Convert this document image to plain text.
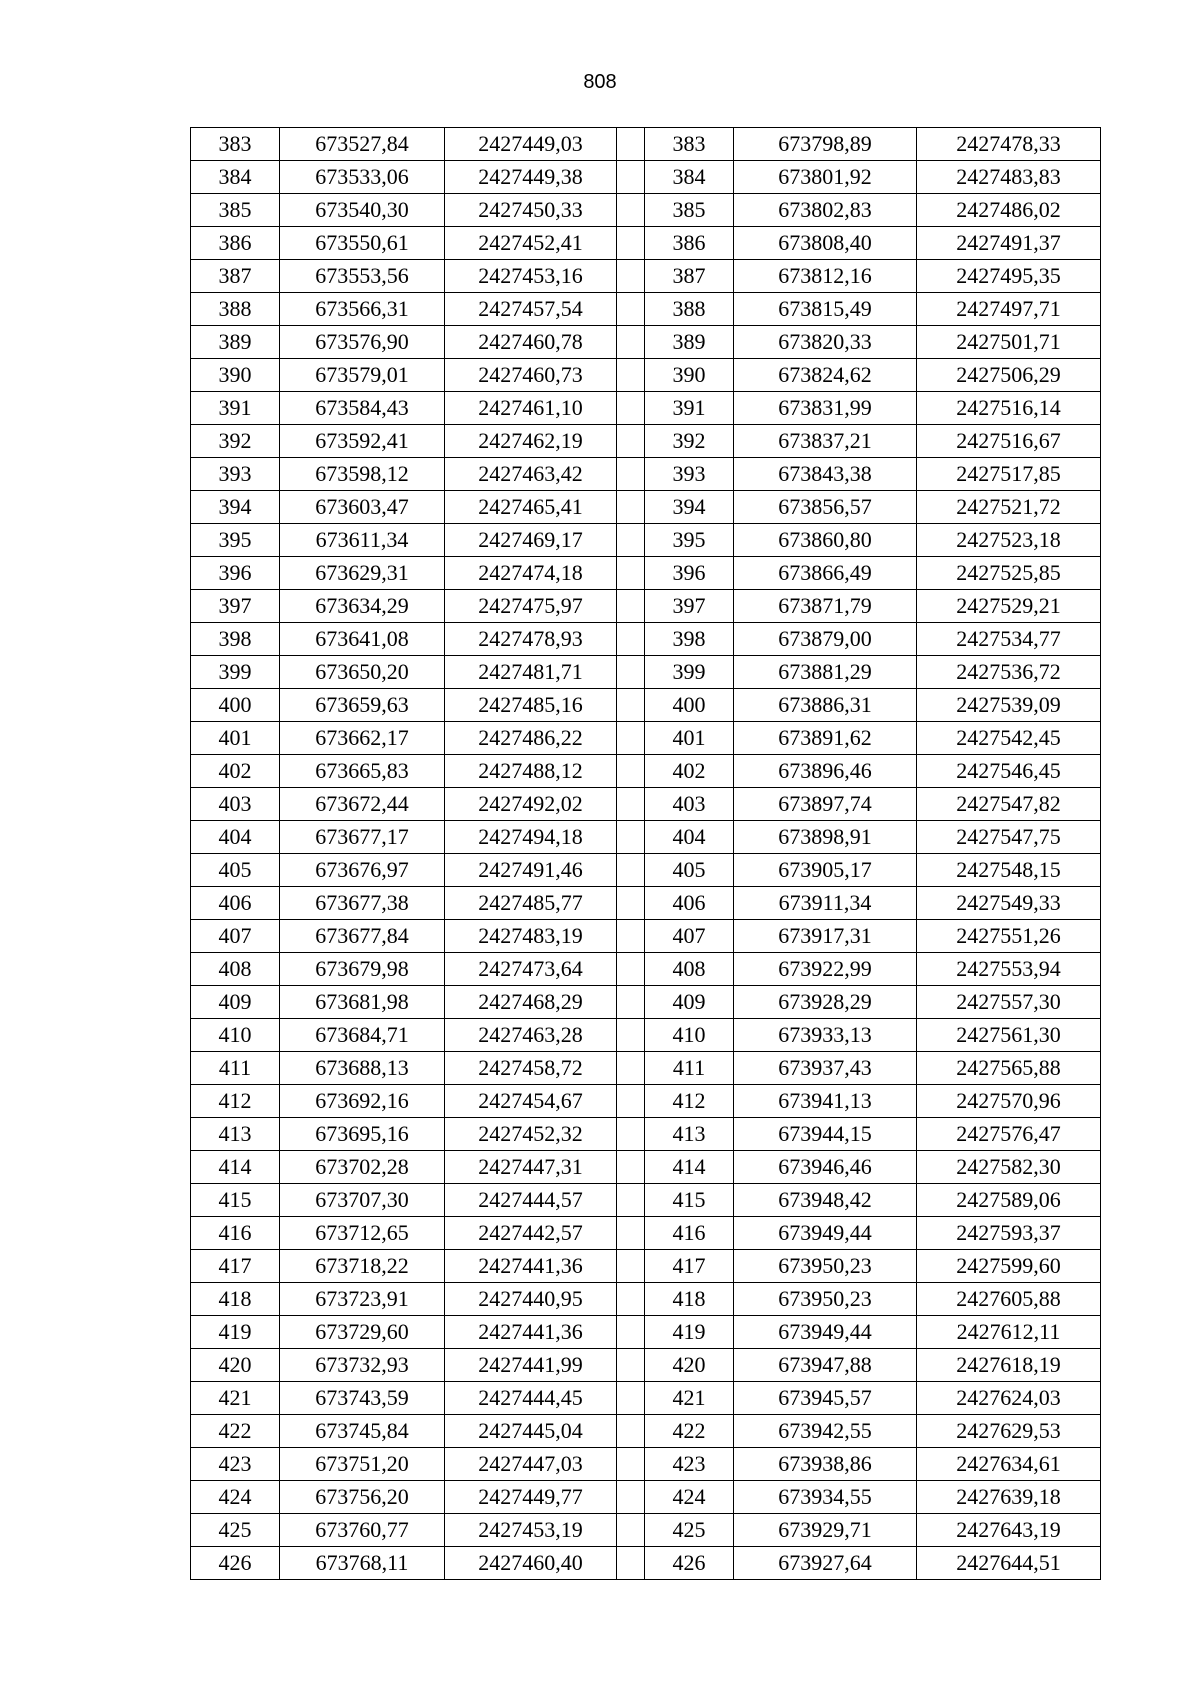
808
383	673527,84	2427449,03		383	673798,89	2427478,33
384	673533,06	2427449,38		384	673801,92	2427483,83
385	673540,30	2427450,33		385	673802,83	2427486,02
386	673550,61	2427452,41		386	673808,40	2427491,37
387	673553,56	2427453,16		387	673812,16	2427495,35
388	673566,31	2427457,54		388	673815,49	2427497,71
389	673576,90	2427460,78		389	673820,33	2427501,71
390	673579,01	2427460,73		390	673824,62	2427506,29
391	673584,43	2427461,10		391	673831,99	2427516,14
392	673592,41	2427462,19		392	673837,21	2427516,67
393	673598,12	2427463,42		393	673843,38	2427517,85
394	673603,47	2427465,41		394	673856,57	2427521,72
395	673611,34	2427469,17		395	673860,80	2427523,18
396	673629,31	2427474,18		396	673866,49	2427525,85
397	673634,29	2427475,97		397	673871,79	2427529,21
398	673641,08	2427478,93		398	673879,00	2427534,77
399	673650,20	2427481,71		399	673881,29	2427536,72
400	673659,63	2427485,16		400	673886,31	2427539,09
401	673662,17	2427486,22		401	673891,62	2427542,45
402	673665,83	2427488,12		402	673896,46	2427546,45
403	673672,44	2427492,02		403	673897,74	2427547,82
404	673677,17	2427494,18		404	673898,91	2427547,75
405	673676,97	2427491,46		405	673905,17	2427548,15
406	673677,38	2427485,77		406	673911,34	2427549,33
407	673677,84	2427483,19		407	673917,31	2427551,26
408	673679,98	2427473,64		408	673922,99	2427553,94
409	673681,98	2427468,29		409	673928,29	2427557,30
410	673684,71	2427463,28		410	673933,13	2427561,30
411	673688,13	2427458,72		411	673937,43	2427565,88
412	673692,16	2427454,67		412	673941,13	2427570,96
413	673695,16	2427452,32		413	673944,15	2427576,47
414	673702,28	2427447,31		414	673946,46	2427582,30
415	673707,30	2427444,57		415	673948,42	2427589,06
416	673712,65	2427442,57		416	673949,44	2427593,37
417	673718,22	2427441,36		417	673950,23	2427599,60
418	673723,91	2427440,95		418	673950,23	2427605,88
419	673729,60	2427441,36		419	673949,44	2427612,11
420	673732,93	2427441,99		420	673947,88	2427618,19
421	673743,59	2427444,45		421	673945,57	2427624,03
422	673745,84	2427445,04		422	673942,55	2427629,53
423	673751,20	2427447,03		423	673938,86	2427634,61
424	673756,20	2427449,77		424	673934,55	2427639,18
425	673760,77	2427453,19		425	673929,71	2427643,19
426	673768,11	2427460,40		426	673927,64	2427644,51
